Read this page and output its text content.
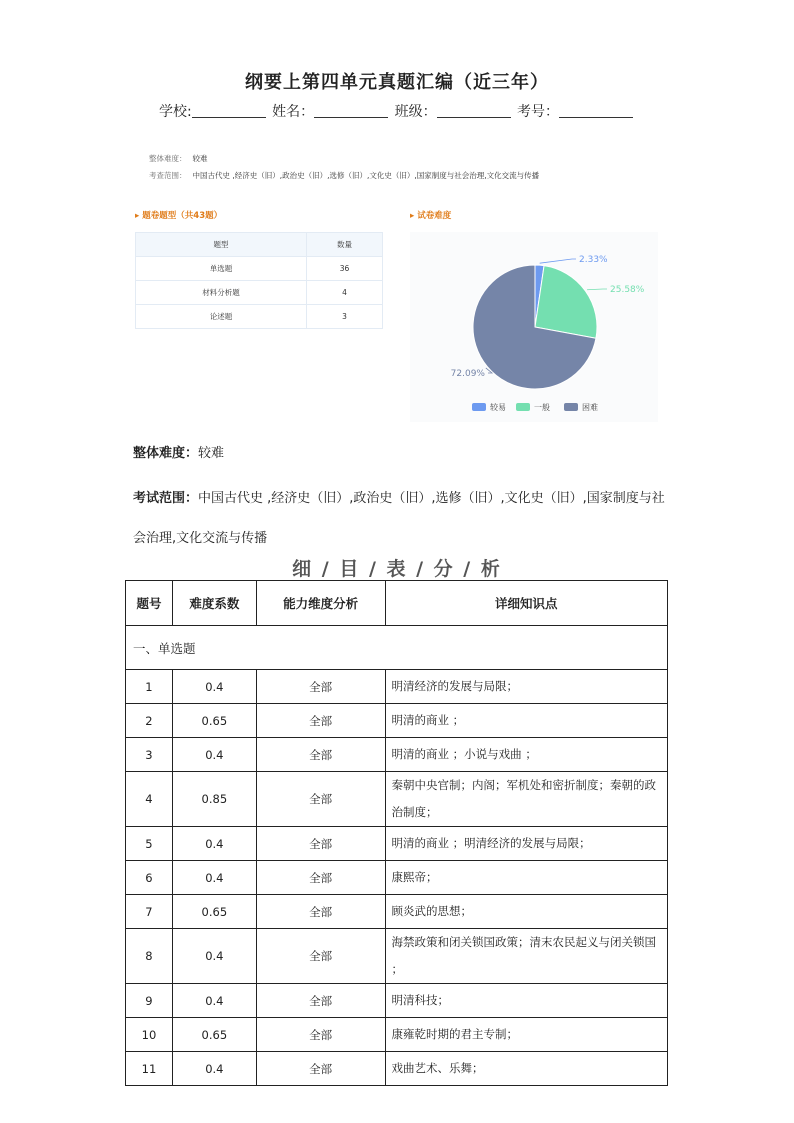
纲要上第四单元真题汇编（近三年）
学校:	姓名：	班级：	考号：
整体难度： 较难
考查范围： 中国古代史 ,经济史（旧）,政治史（旧）,选修（旧）,文化史（旧）,国家制度与社会治理,文化交流与传播
▸ 题卷题型（共43题）	▸ 试卷难度
题型	数量
单选题	36
材料分析题	4
论述题	3
2.33%
25.58%
72.09%
较易	一般	困难
整体难度：较难
考试范围：中国古代史 ,经济史（旧）,政治史（旧）,选修（旧）,文化史（旧）,国家制度与社会治理,文化交流与传播
细 / 目 / 表 / 分 / 析
题号	难度系数	能力维度分析	详细知识点
一、单选题			
1	0.4	全部	明清经济的发展与局限；
2	0.65	全部	明清的商业 ；
3	0.4	全部	明清的商业 ；小说与戏曲 ；
4	0.85	全部	秦朝中央官制；内阁；军机处和密折制度；秦朝的政治制度；
5	0.4	全部	明清的商业 ；明清经济的发展与局限；
6	0.4	全部	康熙帝；
7	0.65	全部	顾炎武的思想；
8	0.4	全部	海禁政策和闭关锁国政策；清末农民起义与闭关锁国 ；
9	0.4	全部	明清科技；
10	0.65	全部	康雍乾时期的君主专制；
11	0.4	全部	戏曲艺术、乐舞；
